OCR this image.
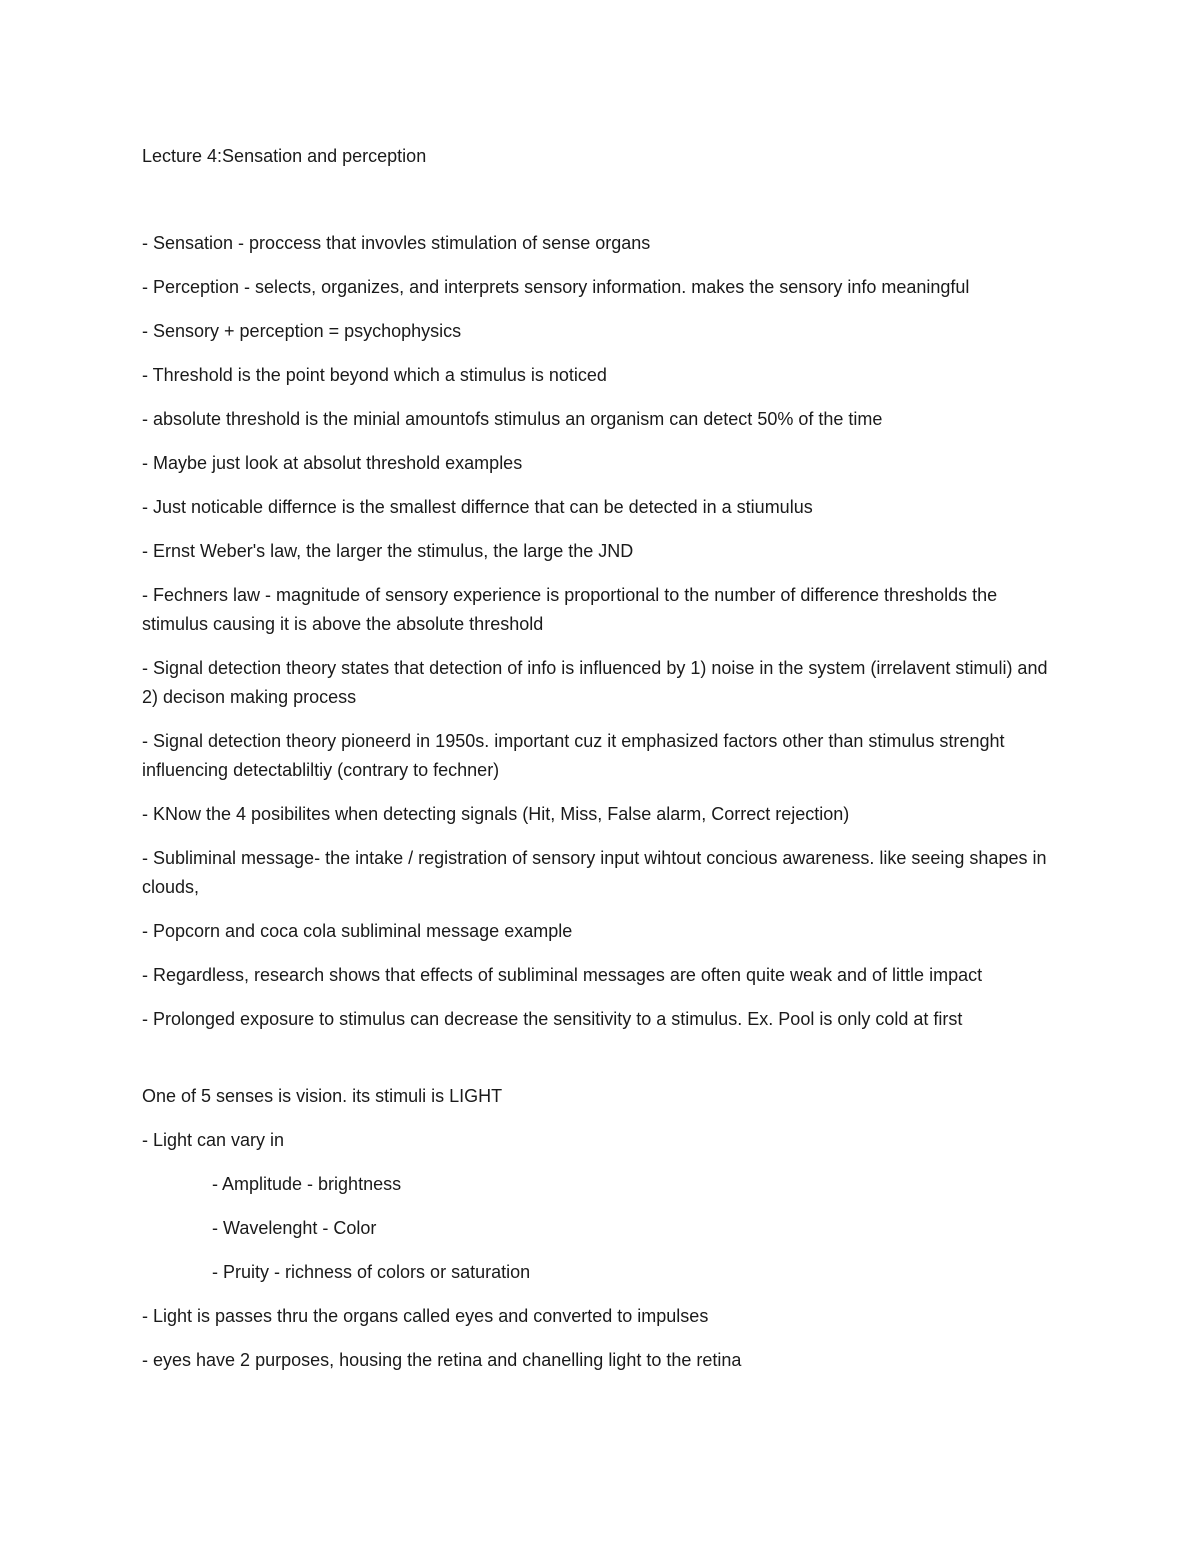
Lecture 4:Sensation and perception

- Sensation - proccess that invovles stimulation of sense organs

- Perception - selects, organizes, and interprets sensory information. makes the sensory info meaningful

- Sensory + perception = psychophysics

- Threshold is the point beyond which a stimulus is noticed

- absolute threshold is the minial amountofs stimulus an organism can detect 50% of the time

- Maybe just look at absolut threshold examples

- Just noticable differnce is the smallest differnce that can be detected in a stiumulus

- Ernst Weber's law, the larger the stimulus, the large the JND

- Fechners law - magnitude of sensory experience is proportional to the number of difference thresholds the stimulus causing it is above the absolute threshold

- Signal detection theory states that detection of info is influenced by 1) noise in the system (irrelavent stimuli) and 2) decison making process

- Signal detection theory pioneerd in 1950s. important cuz it emphasized factors other than stimulus strenght influencing detectabliltiy (contrary to fechner)

- KNow the 4 posibilites when detecting signals (Hit, Miss, False alarm, Correct rejection)

- Subliminal message- the intake / registration of sensory input wihtout concious awareness. like seeing shapes in clouds,

- Popcorn and coca cola subliminal message example

- Regardless, research shows that effects of subliminal messages are often quite weak and of little impact

- Prolonged exposure to stimulus can decrease the sensitivity to a stimulus. Ex. Pool is only cold at first

One of 5 senses is vision. its stimuli is LIGHT

- Light can vary in

- Amplitude - brightness

- Wavelenght - Color

- Pruity - richness of colors or saturation

- Light is passes thru the organs called eyes and converted to impulses

- eyes have 2 purposes, housing the retina and chanelling light to the retina
